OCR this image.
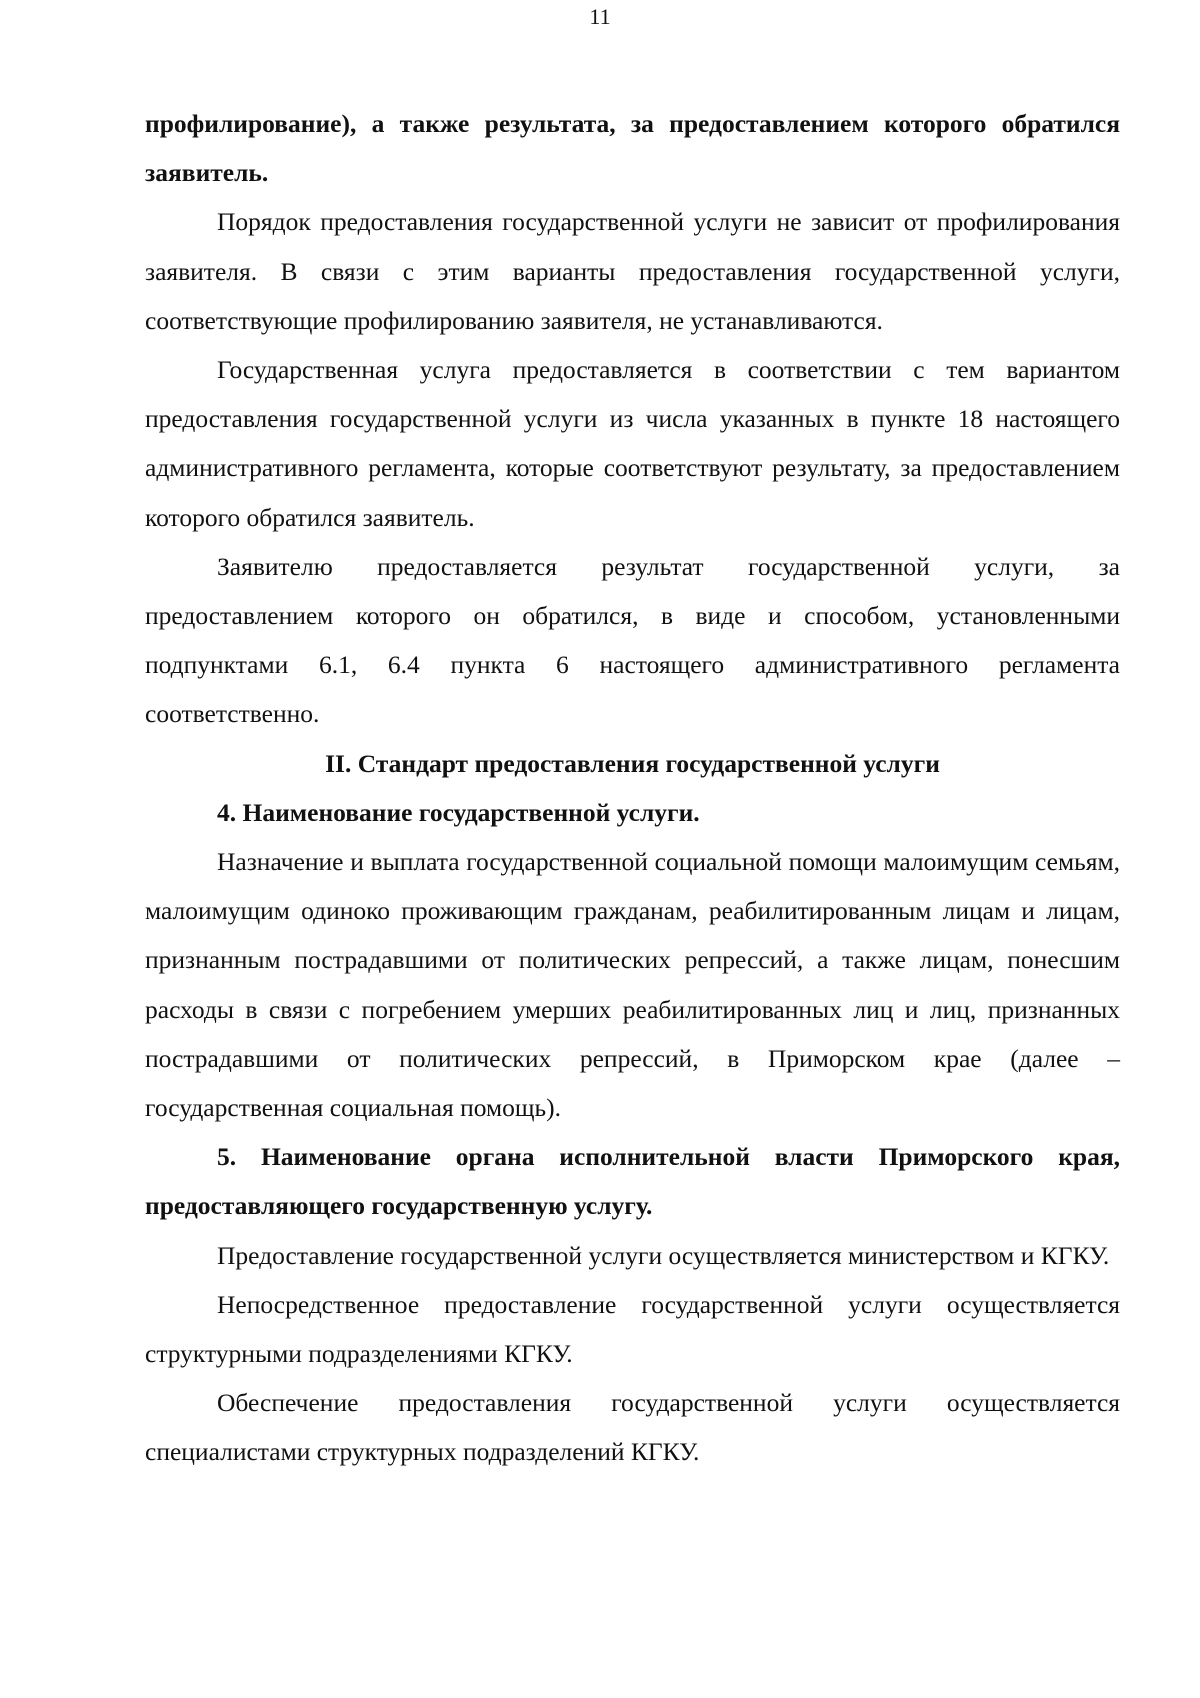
11

профилирование), а также результата, за предоставлением которого обратился заявитель.

Порядок предоставления государственной услуги не зависит от профилирования заявителя. В связи с этим варианты предоставления государственной услуги, соответствующие профилированию заявителя, не устанавливаются.

Государственная услуга предоставляется в соответствии с тем вариантом предоставления государственной услуги из числа указанных в пункте 18 настоящего административного регламента, которые соответствуют результату, за предоставлением которого обратился заявитель.

Заявителю предоставляется результат государственной услуги, за предоставлением которого он обратился, в виде и способом, установленными подпунктами 6.1, 6.4 пункта 6 настоящего административного регламента соответственно.

II. Стандарт предоставления государственной услуги

4. Наименование государственной услуги.

Назначение и выплата государственной социальной помощи малоимущим семьям, малоимущим одиноко проживающим гражданам, реабилитированным лицам и лицам, признанным пострадавшими от политических репрессий, а также лицам, понесшим расходы в связи с погребением умерших реабилитированных лиц и лиц, признанных пострадавшими от политических репрессий, в Приморском крае (далее – государственная социальная помощь).

5. Наименование органа исполнительной власти Приморского края, предоставляющего государственную услугу.

Предоставление государственной услуги осуществляется министерством и КГКУ.

Непосредственное предоставление государственной услуги осуществляется структурными подразделениями КГКУ.

Обеспечение предоставления государственной услуги осуществляется специалистами структурных подразделений КГКУ.
